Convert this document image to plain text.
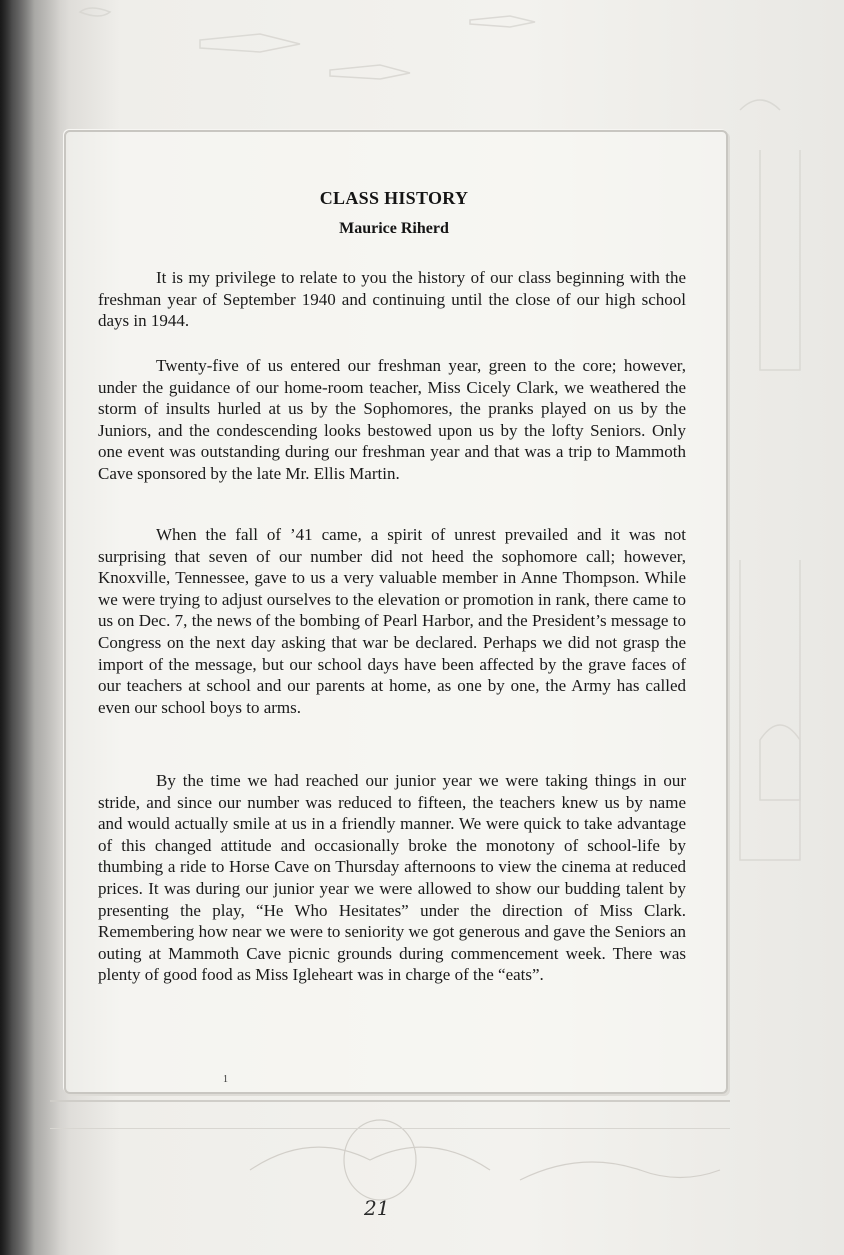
CLASS HISTORY
Maurice Riherd

It is my privilege to relate to you the history of our class beginning with the freshman year of September 1940 and continuing until the close of our high school days in 1944.

Twenty-five of us entered our freshman year, green to the core; however, under the guidance of our home-room teacher, Miss Cicely Clark, we weathered the storm of insults hurled at us by the Sophomores, the pranks played on us by the Juniors, and the condescending looks bestowed upon us by the lofty Seniors. Only one event was outstanding during our freshman year and that was a trip to Mammoth Cave sponsored by the late Mr. Ellis Martin.

When the fall of ’41 came, a spirit of unrest prevailed and it was not surprising that seven of our number did not heed the sophomore call; however, Knoxville, Tennessee, gave to us a very valuable member in Anne Thompson. While we were trying to adjust ourselves to the elevation or promotion in rank, there came to us on Dec. 7, the news of the bombing of Pearl Harbor, and the President’s message to Congress on the next day asking that war be declared. Perhaps we did not grasp the import of the message, but our school days have been affected by the grave faces of our teachers at school and our parents at home, as one by one, the Army has called even our school boys to arms.

By the time we had reached our junior year we were taking things in our stride, and since our number was reduced to fifteen, the teachers knew us by name and would actually smile at us in a friendly manner. We were quick to take advantage of this changed attitude and occasionally broke the monotony of school-life by thumbing a ride to Horse Cave on Thursday afternoons to view the cinema at reduced prices. It was during our junior year we were allowed to show our budding talent by presenting the play, “He Who Hesitates” under the direction of Miss Clark. Remembering how near we were to seniority we got generous and gave the Seniors an outing at Mammoth Cave picnic grounds during commencement week. There was plenty of good food as Miss Igleheart was in charge of the “eats”.

1
21
